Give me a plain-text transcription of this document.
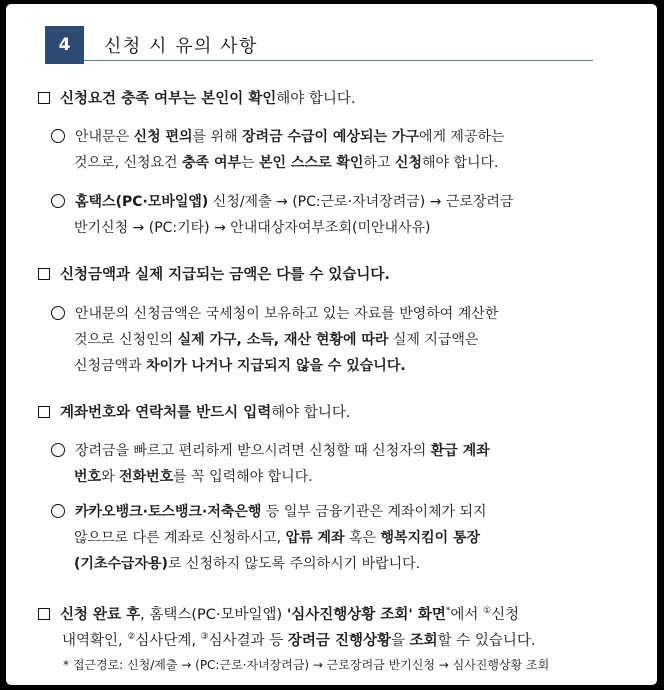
4	신청 시 유의 사항
신청요건 충족 여부는 본인이 확인해야 합니다.
안내문은 신청 편의를 위해 장려금 수급이 예상되는 가구에게 제공하는
것으로, 신청요건 충족 여부는 본인 스스로 확인하고 신청해야 합니다.
홈택스(PC·모바일앱) 신청/제출 → (PC:근로·자녀장려금) → 근로장려금
반기신청 → (PC:기타) → 안내대상자여부조회(미안내사유)
신청금액과 실제 지급되는 금액은 다를 수 있습니다.
안내문의 신청금액은 국세청이 보유하고 있는 자료를 반영하여 계산한
것으로 신청인의 실제 가구, 소득, 재산 현황에 따라 실제 지급액은
신청금액과 차이가 나거나 지급되지 않을 수 있습니다.
계좌번호와 연락처를 반드시 입력해야 합니다.
장려금을 빠르고 편리하게 받으시려면 신청할 때 신청자의 환급 계좌
번호와 전화번호를 꼭 입력해야 합니다.
카카오뱅크·토스뱅크·저축은행 등 일부 금융기관은 계좌이체가 되지
않으므로 다른 계좌로 신청하시고, 압류 계좌 혹은 행복지킴이 통장
(기초수급자용)로 신청하지 않도록 주의하시기 바랍니다.
신청 완료 후, 홈택스(PC·모바일앱) '심사진행상황 조회' 화면*에서 ①신청
내역확인, ②심사단계, ③심사결과 등 장려금 진행상황을 조회할 수 있습니다.
* 접근경로: 신청/제출 → (PC:근로·자녀장려금) → 근로장려금 반기신청 → 심사진행상황 조회
